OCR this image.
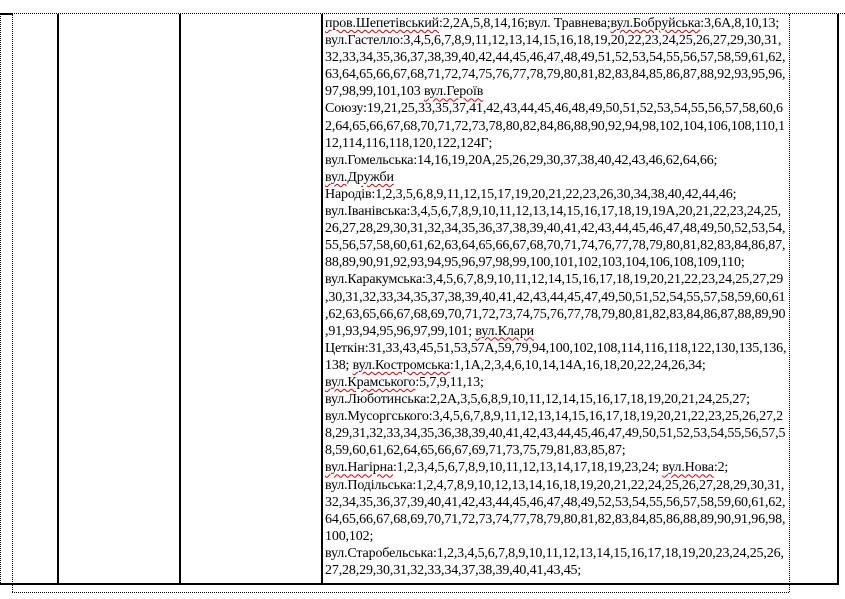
пров.Шепетівський:2,2А,5,8,14,16;вул. Травнева;вул.Бобруйська:3,6А,8,10,13;
вул.Гастелло:3,4,5,6,7,8,9,11,12,13,14,15,16,18,19,20,22,23,24,25,26,27,29,30,31,
32,33,34,35,36,37,38,39,40,42,44,45,46,47,48,49,51,52,53,54,55,56,57,58,59,61,62,
63,64,65,66,67,68,71,72,74,75,76,77,78,79,80,81,82,83,84,85,86,87,88,92,93,95,96,
97,98,99,101,103 вул.Героїв
Союзу:19,21,25,33,35,37,41,42,43,44,45,46,48,49,50,51,52,53,54,55,56,57,58,60,6
2,64,65,66,67,68,70,71,72,73,78,80,82,84,86,88,90,92,94,98,102,104,106,108,110,1
12,114,116,118,120,122,124Г;
вул.Гомельська:14,16,19,20А,25,26,29,30,37,38,40,42,43,46,62,64,66;
вул.Дружби
Народів:1,2,3,5,6,8,9,11,12,15,17,19,20,21,22,23,26,30,34,38,40,42,44,46;
вул.Іванівська:3,4,5,6,7,8,9,10,11,12,13,14,15,16,17,18,19,19А,20,21,22,23,24,25,
26,27,28,29,30,31,32,34,35,36,37,38,39,40,41,42,43,44,45,46,47,48,49,50,52,53,54,
55,56,57,58,60,61,62,63,64,65,66,67,68,70,71,74,76,77,78,79,80,81,82,83,84,86,87,
88,89,90,91,92,93,94,95,96,97,98,99,100,101,102,103,104,106,108,109,110;
вул.Каракумська:3,4,5,6,7,8,9,10,11,12,14,15,16,17,18,19,20,21,22,23,24,25,27,29
,30,31,32,33,34,35,37,38,39,40,41,42,43,44,45,47,49,50,51,52,54,55,57,58,59,60,61
,62,63,65,66,67,68,69,70,71,72,73,74,75,76,77,78,79,80,81,82,83,84,86,87,88,89,90
,91,93,94,95,96,97,99,101; вул.Клари
Цеткін:31,33,43,45,51,53,57А,59,79,94,100,102,108,114,116,118,122,130,135,136,
138; вул.Костромська:1,1А,2,3,4,6,10,14,14А,16,18,20,22,24,26,34;
вул.Крамського:5,7,9,11,13;
вул.Люботинська:2,2А,3,5,6,8,9,10,11,12,14,15,16,17,18,19,20,21,24,25,27;
вул.Мусоргського:3,4,5,6,7,8,9,11,12,13,14,15,16,17,18,19,20,21,22,23,25,26,27,2
8,29,31,32,33,34,35,36,38,39,40,41,42,43,44,45,46,47,49,50,51,52,53,54,55,56,57,5
8,59,60,61,62,64,65,66,67,69,71,73,75,79,81,83,85,87;
вул.Нагірна:1,2,3,4,5,6,7,8,9,10,11,12,13,14,17,18,19,23,24; вул.Нова:2;
вул.Подільська:1,2,4,7,8,9,10,12,13,14,16,18,19,20,21,22,24,25,26,27,28,29,30,31,
32,34,35,36,37,39,40,41,42,43,44,45,46,47,48,49,52,53,54,55,56,57,58,59,60,61,62,
64,65,66,67,68,69,70,71,72,73,74,77,78,79,80,81,82,83,84,85,86,88,89,90,91,96,98,
100,102;
вул.Старобельська:1,2,3,4,5,6,7,8,9,10,11,12,13,14,15,16,17,18,19,20,23,24,25,26,
27,28,29,30,31,32,33,34,37,38,39,40,41,43,45;
